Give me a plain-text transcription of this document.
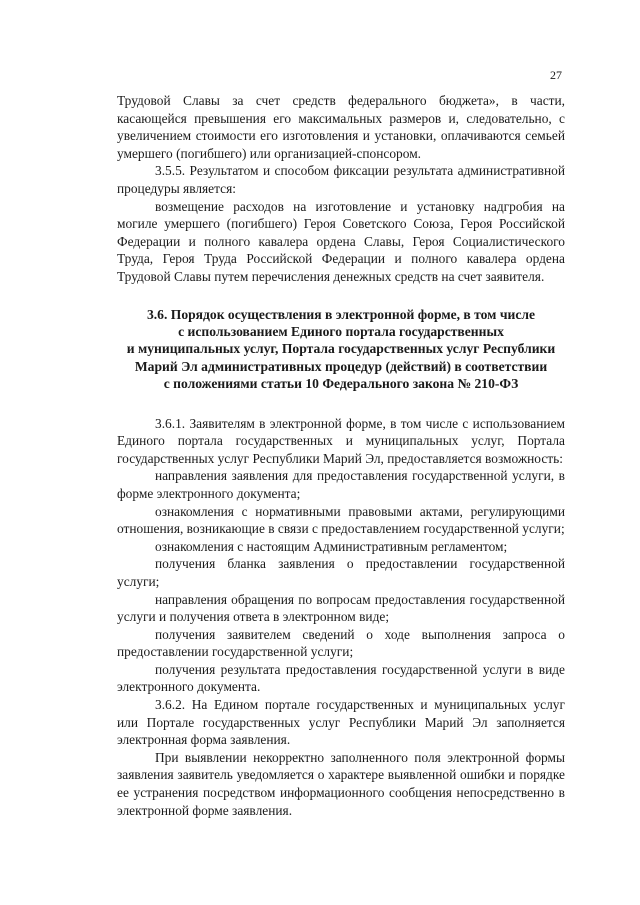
27

Трудовой Славы за счет средств федерального бюджета», в части, касающейся превышения его максимальных размеров и, следовательно, с увеличением стоимости его изготовления и установки, оплачиваются семьей умершего (погибшего) или организацией-спонсором.

3.5.5. Результатом и способом фиксации результата административной процедуры является:

возмещение расходов на изготовление и установку надгробия на могиле умершего (погибшего) Героя Советского Союза, Героя Российской Федерации и полного кавалера ордена Славы, Героя Социалистического Труда, Героя Труда Российской Федерации и полного кавалера ордена Трудовой Славы путем перечисления денежных средств на счет заявителя.

3.6. Порядок осуществления в электронной форме, в том числе
с использованием Единого портала государственных
и муниципальных услуг, Портала государственных услуг Республики
Марий Эл административных процедур (действий) в соответствии
с положениями статьи 10 Федерального закона № 210-ФЗ

3.6.1. Заявителям в электронной форме, в том числе с использованием Единого портала государственных и муниципальных услуг, Портала государственных услуг Республики Марий Эл, предоставляется возможность:

направления заявления для предоставления государственной услуги, в форме электронного документа;

ознакомления с нормативными правовыми актами, регулирующими отношения, возникающие в связи с предоставлением государственной услуги;

ознакомления с настоящим Административным регламентом;

получения бланка заявления о предоставлении государственной услуги;

направления обращения по вопросам предоставления государственной услуги и получения ответа в электронном виде;

получения заявителем сведений о ходе выполнения запроса о предоставлении государственной услуги;

получения результата предоставления государственной услуги в виде электронного документа.

3.6.2. На Едином портале государственных и муниципальных услуг или Портале государственных услуг Республики Марий Эл заполняется электронная форма заявления.

При выявлении некорректно заполненного поля электронной формы заявления заявитель уведомляется о характере выявленной ошибки и порядке ее устранения посредством информационного сообщения непосредственно в электронной форме заявления.
